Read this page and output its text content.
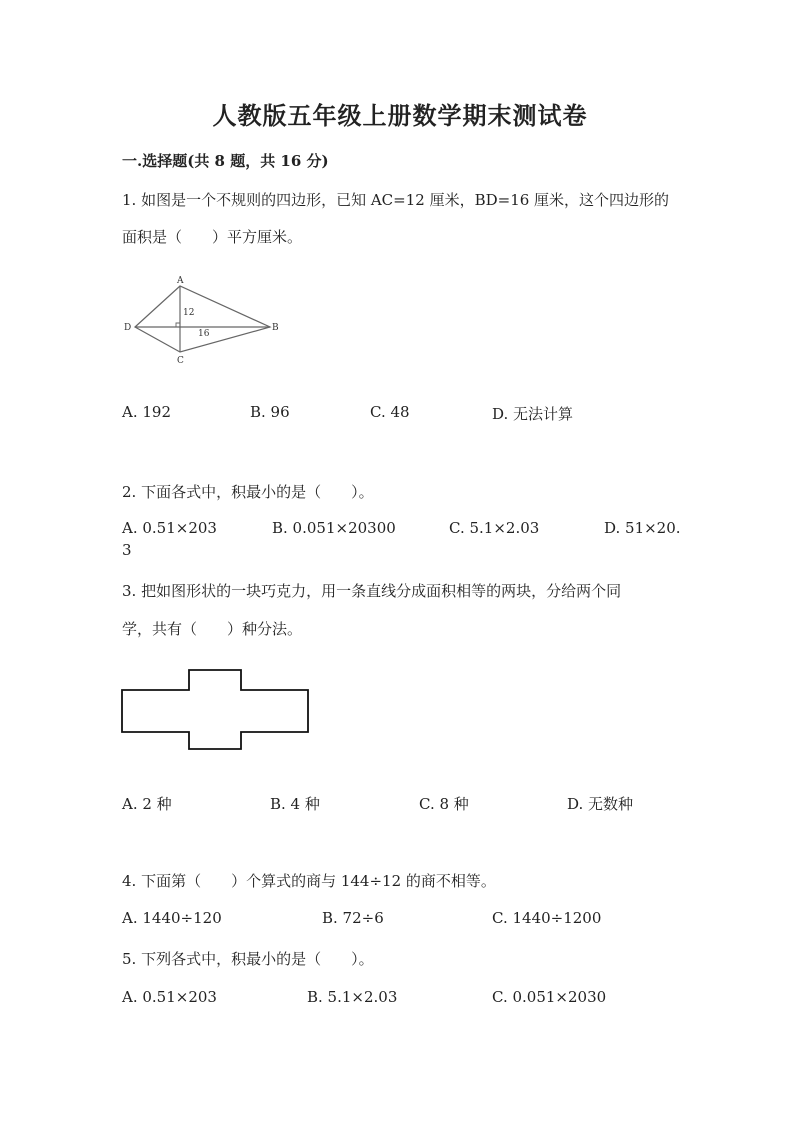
人教版五年级上册数学期末测试卷
一.选择题(共 8 题，共 16 分)
1. 如图是一个不规则的四边形，已知 AC=12 厘米，BD=16 厘米，这个四边形的
面积是（　　）平方厘米。
A
B
C
D
12
16
A. 192	B. 96	C. 48	D. 无法计算
2. 下面各式中，积最小的是（　　）。
A. 0.51×203	B. 0.051×20300	C. 5.1×2.03	D. 51×20.
3
3. 把如图形状的一块巧克力，用一条直线分成面积相等的两块，分给两个同
学，共有（　　）种分法。
A. 2 种	B. 4 种	C. 8 种	D. 无数种
4. 下面第（　　）个算式的商与 144÷12 的商不相等。
A. 1440÷120	B. 72÷6	C. 1440÷1200
5. 下列各式中，积最小的是（　　）。
A. 0.51×203	B. 5.1×2.03	C. 0.051×2030
